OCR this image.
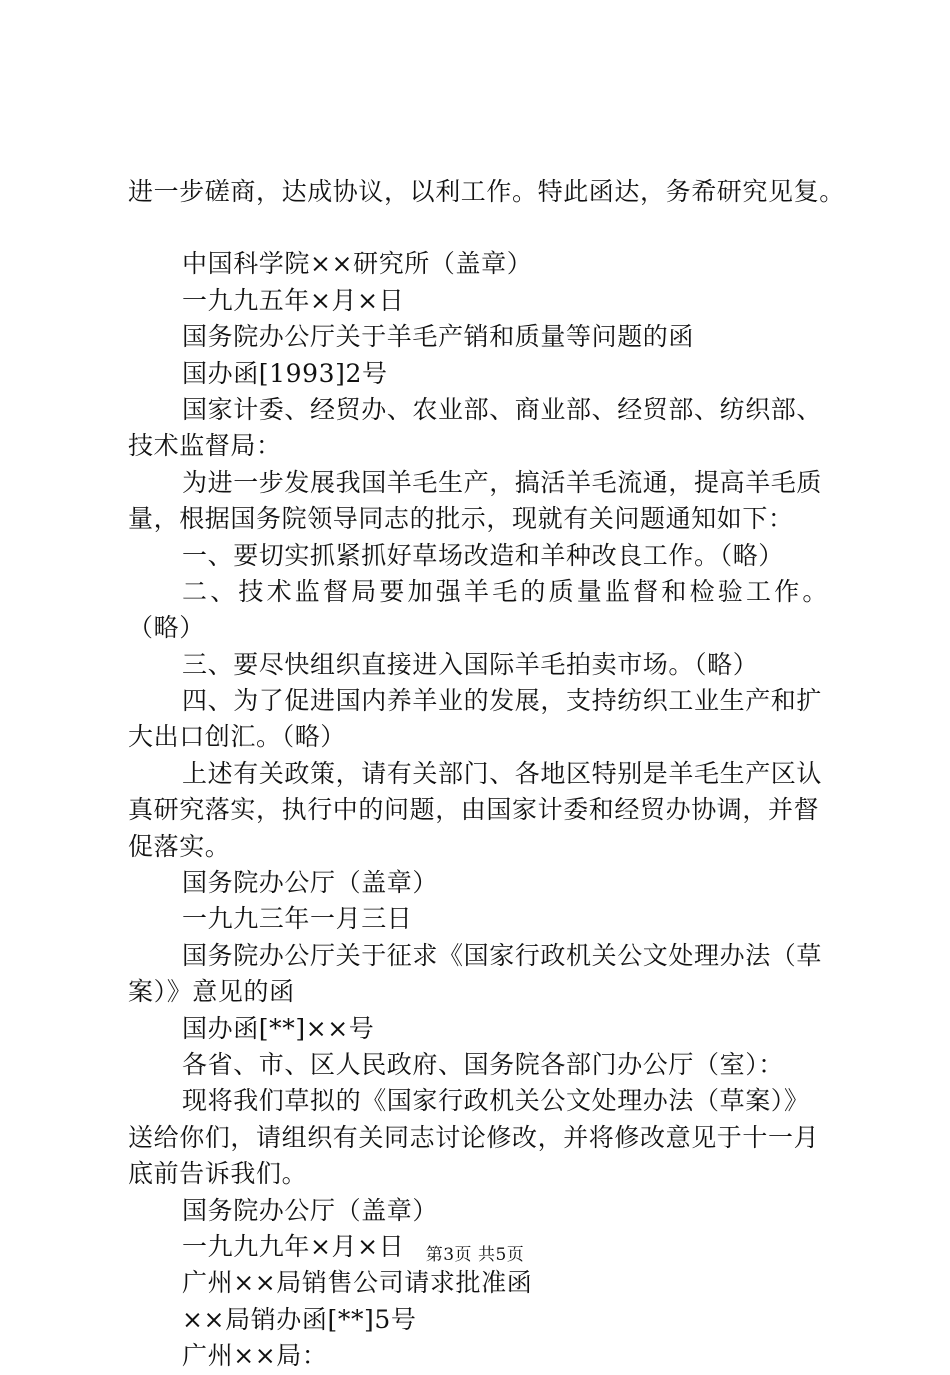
进一步磋商，达成协议，以利工作。特此函达，务希研究见复。
中国科学院××研究所（盖章）
一九九五年×月×日
国务院办公厅关于羊毛产销和质量等问题的函
国办函[1993]2号
国家计委、经贸办、农业部、商业部、经贸部、纺织部、
技术监督局：
为进一步发展我国羊毛生产，搞活羊毛流通，提高羊毛质
量，根据国务院领导同志的批示，现就有关问题通知如下：
一、要切实抓紧抓好草场改造和羊种改良工作。（略）
二、技术监督局要加强羊毛的质量监督和检验工作。
（略）
三、要尽快组织直接进入国际羊毛拍卖市场。（略）
四、为了促进国内养羊业的发展，支持纺织工业生产和扩
大出口创汇。（略）
上述有关政策，请有关部门、各地区特别是羊毛生产区认
真研究落实，执行中的问题，由国家计委和经贸办协调，并督
促落实。
国务院办公厅（盖章）
一九九三年一月三日
国务院办公厅关于征求《国家行政机关公文处理办法（草
案）》意见的函
国办函[**]××号
各省、市、区人民政府、国务院各部门办公厅（室）：
现将我们草拟的《国家行政机关公文处理办法（草案）》
送给你们，请组织有关同志讨论修改，并将修改意见于十一月
底前告诉我们。
国务院办公厅（盖章）
一九九九年×月×日
广州××局销售公司请求批准函
××局销办函[**]5号
广州××局：
第3页 共5页
